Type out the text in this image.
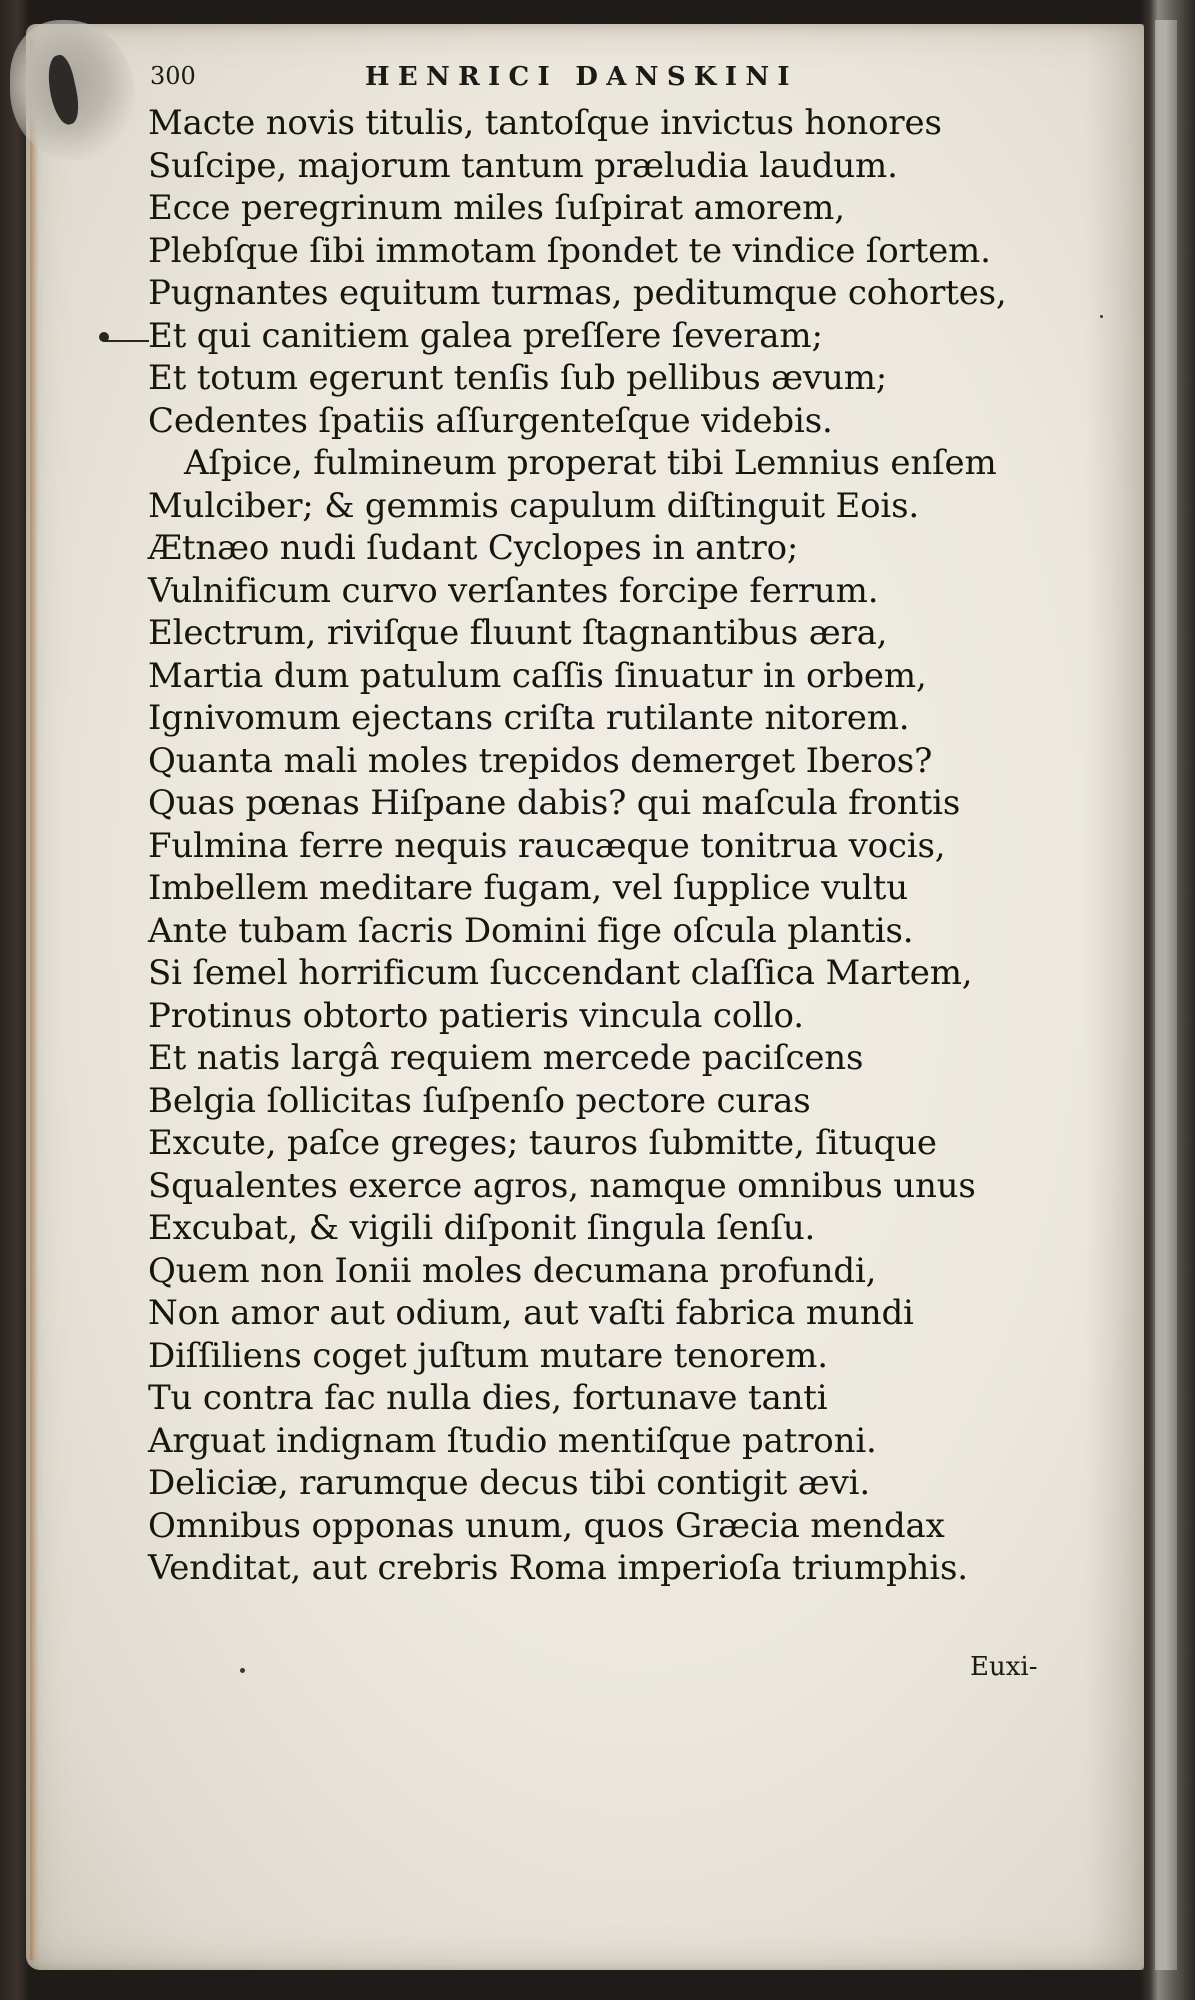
300	HENRICI DANSKINI
Macte novis titulis, tantoſque invictus honores
Suſcipe, majorum tantum præludia laudum.
Ecce peregrinum miles ſuſpirat amorem,
Plebſque ſibi immotam ſpondet te vindice ſortem.
Pugnantes equitum turmas, peditumque cohortes,
Et qui canitiem galea preſſere ſeveram;
Et totum egerunt tenſis ſub pellibus ævum;
Cedentes ſpatiis aſſurgenteſque videbis.
Aſpice, fulmineum properat tibi Lemnius enſem
Mulciber; & gemmis capulum diſtinguit Eois.
Ætnæo nudi ſudant Cyclopes in antro;
Vulnificum curvo verſantes forcipe ferrum.
Electrum, riviſque fluunt ſtagnantibus æra,
Martia dum patulum caſſis ſinuatur in orbem,
Ignivomum ejectans criſta rutilante nitorem.
Quanta mali moles trepidos demerget Iberos?
Quas pœnas Hiſpane dabis? qui maſcula frontis
Fulmina ferre nequis raucæque tonitrua vocis,
Imbellem meditare fugam, vel ſupplice vultu
Ante tubam ſacris Domini fige oſcula plantis.
Si ſemel horrificum ſuccendant claſſica Martem,
Protinus obtorto patieris vincula collo.
Et natis largâ requiem mercede paciſcens
Belgia ſollicitas ſuſpenſo pectore curas
Excute, paſce greges; tauros ſubmitte, ſituque
Squalentes exerce agros, namque omnibus unus
Excubat, & vigili diſponit ſingula ſenſu.
Quem non Ionii moles decumana profundi,
Non amor aut odium, aut vaſti fabrica mundi
Diſſiliens coget juſtum mutare tenorem.
Tu contra fac nulla dies, fortunave tanti
Arguat indignam ſtudio mentiſque patroni.
Deliciæ, rarumque decus tibi contigit ævi.
Omnibus opponas unum, quos Græcia mendax
Venditat, aut crebris Roma imperioſa triumphis.
Euxi-
